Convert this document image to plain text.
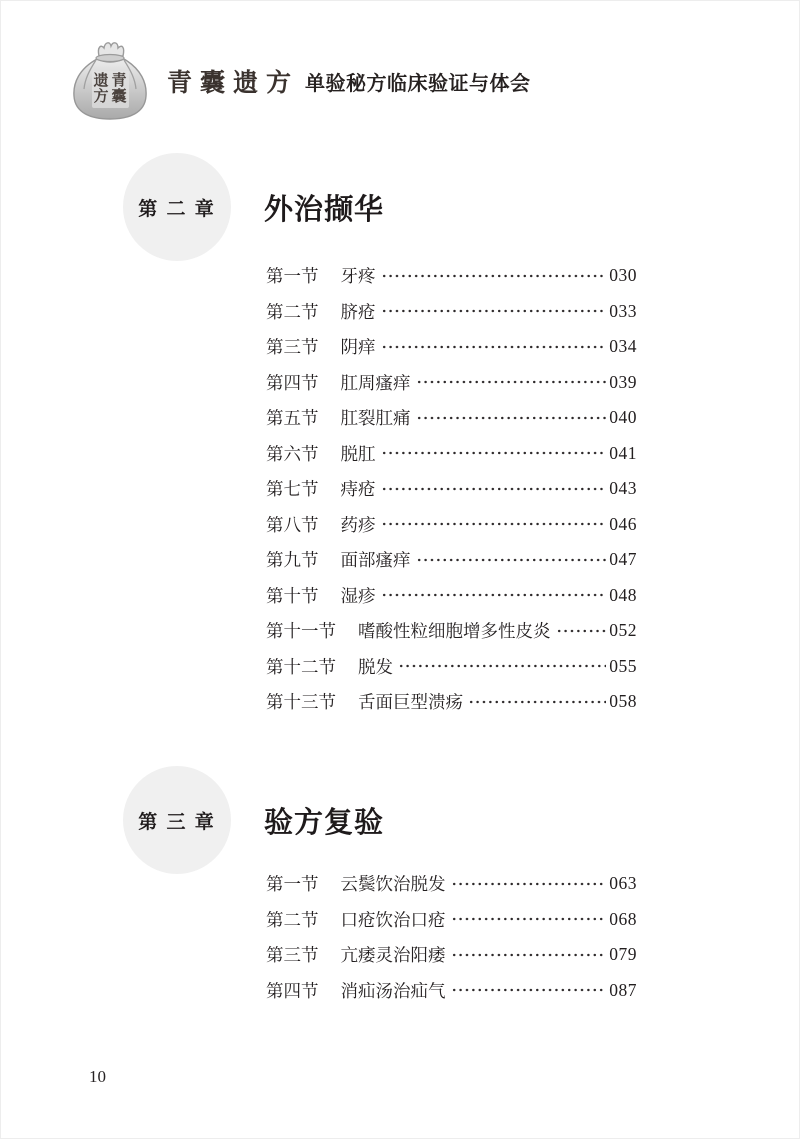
青
囊
遗
方 青囊遗方 单验秘方临床验证与体会
第 二 章 外治撷华
第一节 牙疼	030
第二节 脐疮	033
第三节 阴痒	034
第四节 肛周瘙痒	039
第五节 肛裂肛痛	040
第六节 脱肛	041
第七节 痔疮	043
第八节 药疹	046
第九节 面部瘙痒	047
第十节 湿疹	048
第十一节 嗜酸性粒细胞增多性皮炎	052
第十二节 脱发	055
第十三节 舌面巨型溃疡	058
第 三 章 验方复验
第一节 云鬓饮治脱发	063
第二节 口疮饮治口疮	068
第三节 亢痿灵治阳痿	079
第四节 消疝汤治疝气	087
10
